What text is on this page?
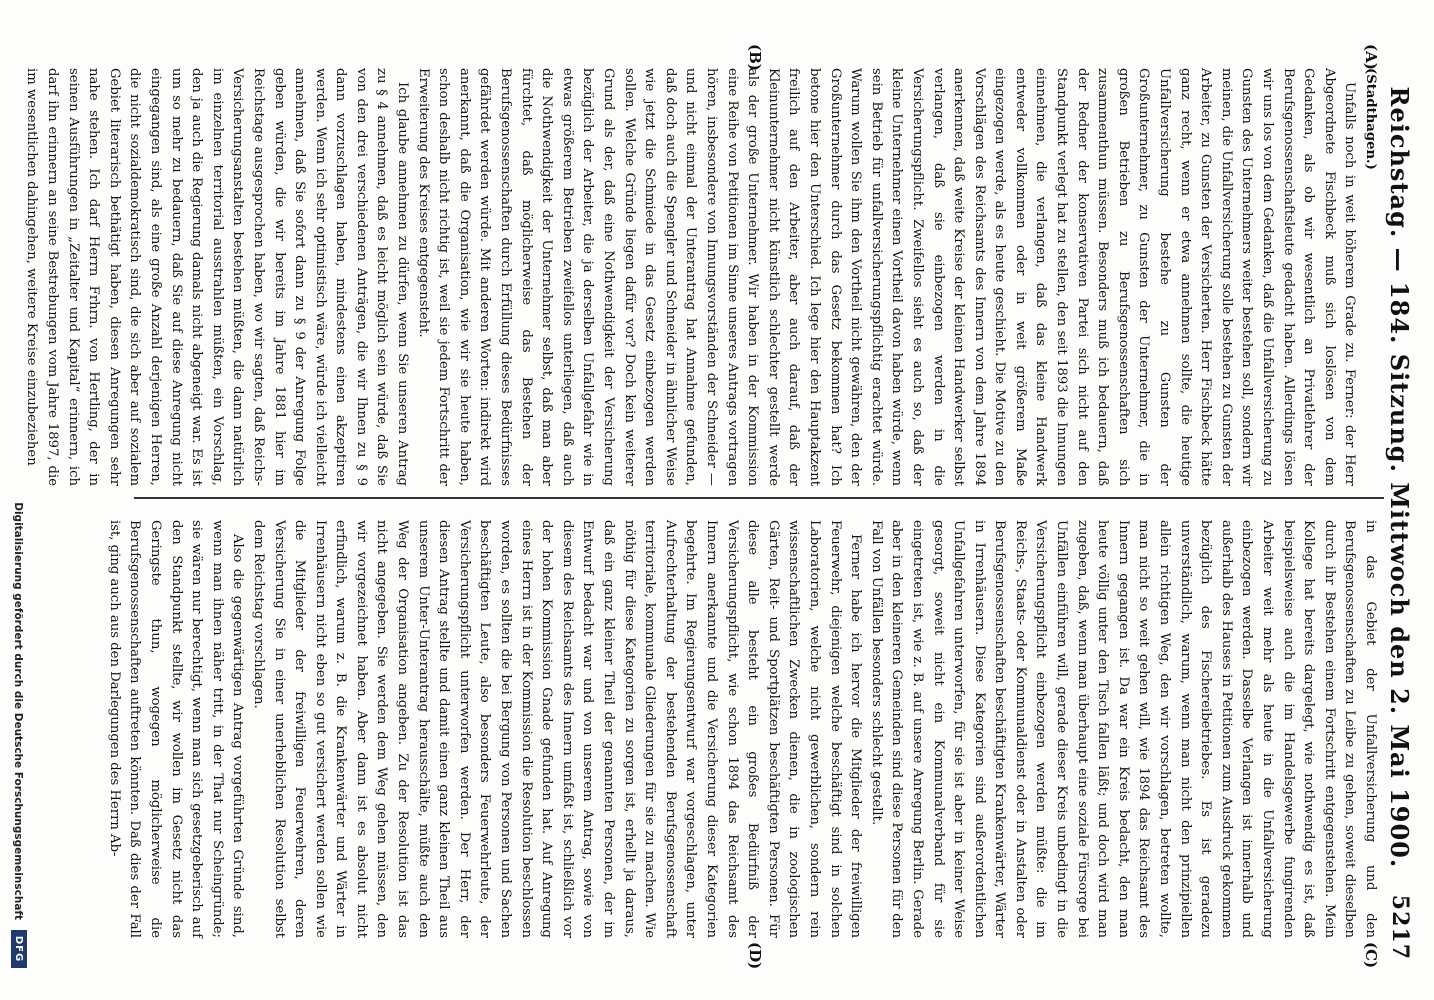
Reichstag. — 184. Sitzung. Mittwoch den 2. Mai 1900.
5217
(A)
(B)
(C)
(D)

(Stadthagen.)

Unfalls noch in weit höherem Grade zu. Ferner: der Herr Abgeordnete Fischbeck muß sich loslösen von dem Gedanken, als ob wir wesentlich an Privatlehrer der Berufsgenossenschaftsleute gedacht haben. Allerdings lösen wir uns los von dem Gedanken, daß die Unfallversicherung zu Gunsten des Unternehmers weiter bestehen soll, sondern wir meinen, die Unfallversicherung solle bestehen zu Gunsten der Arbeiter, zu Gunsten der Versicherten. Herr Fischbeck hätte ganz recht, wenn er etwa annehmen sollte, die heutige Unfallversicherung bestehe zu Gunsten der Großunternehmer, zu Gunsten der Unternehmer, die in großen Betrieben zu Berufsgenossenschaften sich zusammenthun müssen. Besonders muß ich bedauern, daß der Redner der konservativen Partei sich nicht auf den Standpunkt verlegt hat zu stellen, den seit 1893 die Innungen einnehmen, die verlangen, daß das kleine Handwerk entweder vollkommen oder in weit größerem Maße eingezogen werde, als es heute geschieht. Die Motive zu den Vorschlägen des Reichsamts des Innern von dem Jahre 1894 anerkennen, daß weite Kreise der kleinen Handwerker selbst verlangen, daß sie einbezogen werden in die Versicherungspflicht. Zweifellos sieht es auch so, daß der kleine Unternehmer einen Vortheil davon haben würde, wenn sein Betrieb für unfallversicherungspflichtig erachtet würde. Warum wollen Sie ihm den Vortheil nicht gewähren, den der Großunternehmer durch das Gesetz bekommen hat? Ich betone hier den Unterschied. Ich lege hier den Hauptakzent freilich auf den Arbeiter, aber auch darauf, daß der Kleinunternehmer nicht künstlich schlechter gestellt werde als der große Unternehmer. Wir haben in der Kommission eine Reihe von Petitionen im Sinne unseres Antrags vortragen hören, insbesondere von Innungsvorständen der Schneider — und nicht einmal der Unterantrag hat Annahme gefunden, daß doch auch die Spengler und Schneider in ähnlicher Weise wie jetzt die Schmiede in das Gesetz einbezogen werden sollen. Welche Gründe liegen dafür vor? Doch kein weiterer Grund als der, daß eine Nothwendigkeit der Versicherung bezüglich der Arbeiter, die ja derselben Unfallgefahr wie in etwas größerem Betrieben zweifellos unterliegen, daß auch die Nothwendigkeit der Unternehmer selbst, daß man aber fürchtet, daß möglicherweise das Bestehen der Berufsgenossenschaften durch Erfüllung dieses Bedürfnisses gefährdet werden würde. Mit anderen Worten: indirekt wird anerkannt, daß die Organisation, wie wir sie heute haben, schon deshalb nicht richtig ist, weil sie jedem Fortschritt der Erweiterung des Kreises entgegensteht.

Ich glaube annehmen zu dürfen, wenn Sie unseren Antrag zu § 4 annehmen, daß es leicht möglich sein würde, daß Sie von den drei verschiedenen Anträgen, die wir Ihnen zu § 9 dann vorzuschlagen haben, mindestens einen akzeptiren werden. Wenn ich sehr optimistisch wäre, würde ich vielleicht annehmen, daß Sie sofort dann zu § 9 der Anregung Folge geben würden, die wir bereits im Jahre 1881 hier im Reichstage ausgesprochen haben, wo wir sagten, daß Reichs-Versicherungsanstalten bestehen müßten, die dann natürlich im einzelnen territorial ausstrahlen müßten, ein Vorschlag, den ja auch die Regierung damals nicht abgeneigt war. Es ist um so mehr zu bedauern, daß Sie auf diese Anregung nicht eingegangen sind, als eine große Anzahl derjenigen Herren, die nicht sozialdemokratisch sind, die sich aber auf sozialem Gebiet literarisch bethätigt haben, diesen Anregungen sehr nahe stehen. Ich darf Herrn Frhrn. von Hertling, der in seinen Ausführungen in „Zeitalter und Kapital“ erinnern, ich darf ihn erinnern an seine Bestrebungen vom Jahre 1897, die im wesentlichen dahingehen, weitere Kreise einzubeziehen

in das Gebiet der Unfallversicherung und den Berufsgenossenschaften zu Leibe zu gehen, soweit dieselben durch ihr Bestehen einem Fortschritt entgegenstehen. Mein Kollege hat bereits dargelegt, wie nothwendig es ist, daß beispielsweise auch die im Handelsgewerbe fungirenden Arbeiter weit mehr als heute in die Unfallversicherung einbezogen werden. Dasselbe Verlangen ist innerhalb und außerhalb des Hauses in Petitionen zum Ausdruck gekommen bezüglich des Fischereibetriebes. Es ist geradezu unverständlich, warum, wenn man nicht den prinzipiellen allein richtigen Weg, den wir vorschlagen, betreten wollte, man nicht so weit gehen will, wie 1894 das Reichsamt des Innern gegangen ist. Da war ein Kreis bedacht, den man heute völlig unter den Tisch fallen läßt; und doch wird man zugeben, daß, wenn man überhaupt eine soziale Fürsorge bei Unfällen einführen will, gerade dieser Kreis unbedingt in die Versicherungspflicht einbezogen werden müßte: die im Reichs-, Staats- oder Kommunaldienst oder in Anstalten oder Berufsgenossenschaften beschäftigten Krankenwärter, Wärter in Irrenhäusern. Diese Kategorien sind außerordentlichen Unfallgefahren unterworfen, für sie ist aber in keiner Weise gesorgt, soweit nicht ein Kommunalverband für sie eingetreten ist, wie z. B. auf unsere Anregung Berlin. Gerade aber in den kleineren Gemeinden sind diese Personen für den Fall von Unfällen besonders schlecht gestellt.

Ferner habe ich hervor die Mitglieder der freiwilligen Feuerwehr, diejenigen welche beschäftigt sind in solchen Laboratorien, welche nicht gewerblichen, sondern rein wissenschaftlichen Zwecken dienen, die in zoologischen Gärten, Reit- und Sportplätzen beschäftigten Personen. Für diese alle besteht ein großes Bedürfniß der Versicherungspflicht, wie schon 1894 das Reichsamt des Innern anerkannte und die Versicherung dieser Kategorien begehrte. Im Regierungsentwurf war vorgeschlagen, unter Aufrechterhaltung der bestehenden Berufsgenossenschaft territoriale, kommunale Gliederungen für sie zu machen. Wie nöthig für diese Kategorien zu sorgen ist, erhellt ja daraus, daß ein ganz kleiner Theil der genannten Personen, der im Entwurf bedacht war und von unserem Antrag, sowie von diesem des Reichsamts des Innern umfaßt ist, schließlich vor der hohen Kommission Gnade gefunden hat. Auf Anregung eines Herrn ist in der Kommission die Resolution beschlossen worden, es sollten die bei Bergung von Personen und Sachen beschäftigten Leute, also besonders Feuerwehrleute, der Versicherungspflicht unterworfen werden. Der Herr, der diesen Antrag stellte und damit einen ganz kleinen Theil aus unserem Unter-Unterantrag herausschälte, müßte auch den Weg der Organisation angeben. Zu der Resolution ist das nicht angegeben. Sie werden dem Weg gehen müssen, den wir vorgezeichnet haben. Aber dann ist es absolut nicht erfindlich, warum z. B. die Krankenwärter und Wärter in Irrenhäusern nicht eben so gut versichert werden sollen wie die Mitglieder der freiwilligen Feuerwehren, deren Versicherung Sie in einer unerheblichen Resolution selbst dem Reichstag vorschlagen.

Also die gegenwärtigen Antrag vorgeführten Gründe sind, wenn man ihnen näher tritt, in der That nur Scheingründe; sie wären nur berechtigt, wenn man sich gesetzgeberisch auf den Standpunkt stellte, wir wollen im Gesetz nicht das Geringste thun, wogegen möglicherweise die Berufsgenossenschaften auftreten könnten. Daß dies der Fall ist, ging auch aus den Darlegungen des Herrn Ab-

Digitalisierung gefördert durch die Deutsche Forschungsgemeinschaft
DFG
